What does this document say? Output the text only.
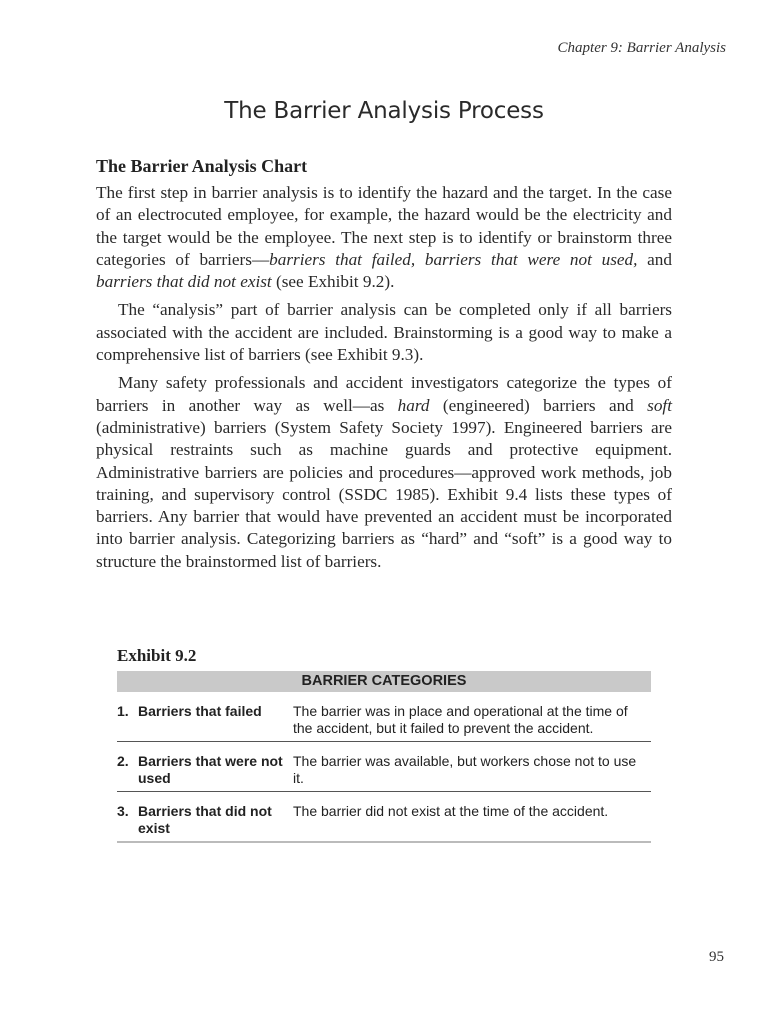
Chapter 9: Barrier Analysis
The Barrier Analysis Process
The Barrier Analysis Chart

The first step in barrier analysis is to identify the hazard and the target. In the case of an electrocuted employee, for example, the hazard would be the electricity and the target would be the employee. The next step is to identify or brainstorm three categories of barriers—barriers that failed, barriers that were not used, and barriers that did not exist (see Exhibit 9.2).

The “analysis” part of barrier analysis can be completed only if all barriers associated with the accident are included. Brainstorming is a good way to make a comprehensive list of barriers (see Exhibit 9.3).

Many safety professionals and accident investigators categorize the types of barriers in another way as well—as hard (engineered) barriers and soft (administrative) barriers (System Safety Society 1997). Engineered barriers are physical restraints such as machine guards and protective equipment. Administrative barriers are policies and procedures—approved work methods, job training, and supervisory control (SSDC 1985). Exhibit 9.4 lists these types of barriers. Any barrier that would have prevented an accident must be incorporated into barrier analysis. Categorizing barriers as “hard” and “soft” is a good way to structure the brainstormed list of barriers.

Exhibit 9.2
BARRIER CATEGORIES
1. Barriers that failed	The barrier was in place and operational at the time of the accident, but it failed to prevent the accident.
2. Barriers that were not used
The barrier was available, but workers chose not to use it.
3. Barriers that did not exist
The barrier did not exist at the time of the accident.
95
